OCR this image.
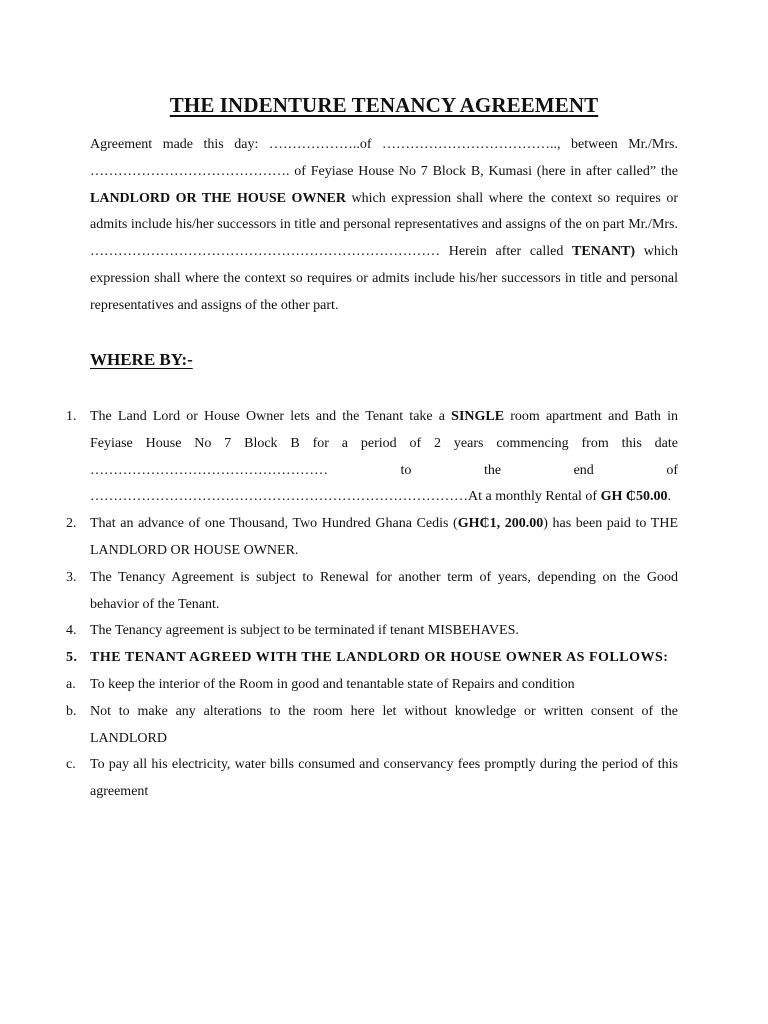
THE INDENTURE TENANCY AGREEMENT

Agreement made this day: ………………..of ……………………………….., between Mr./Mrs. ……………………………………. of Feyiase House No 7 Block B, Kumasi (here in after called” the LANDLORD OR THE HOUSE OWNER which expression shall where the context so requires or admits include his/her successors in title and personal representatives and assigns of the on part Mr./Mrs. ………………………………………………………………… Herein after called TENANT) which expression shall where the context so requires or admits include his/her successors in title and personal representatives and assigns of the other part.

WHERE BY:-
1. The Land Lord or House Owner lets and the Tenant take a SINGLE room apartment and Bath in Feyiase House No 7 Block B for a period of 2 years commencing from this date …………………………………………… to the end of ………………………………………………………………………At a monthly Rental of GH ₵50.00.
2. That an advance of one Thousand, Two Hundred Ghana Cedis (GH₵1, 200.00) has been paid to THE LANDLORD OR HOUSE OWNER.
3. The Tenancy Agreement is subject to Renewal for another term of years, depending on the Good behavior of the Tenant.
4. The Tenancy agreement is subject to be terminated if tenant MISBEHAVES.
5. THE TENANT AGREED WITH THE LANDLORD OR HOUSE OWNER AS FOLLOWS:
a. To keep the interior of the Room in good and tenantable state of Repairs and condition
b. Not to make any alterations to the room here let without knowledge or written consent of the LANDLORD
c. To pay all his electricity, water bills consumed and conservancy fees promptly during the period of this agreement
